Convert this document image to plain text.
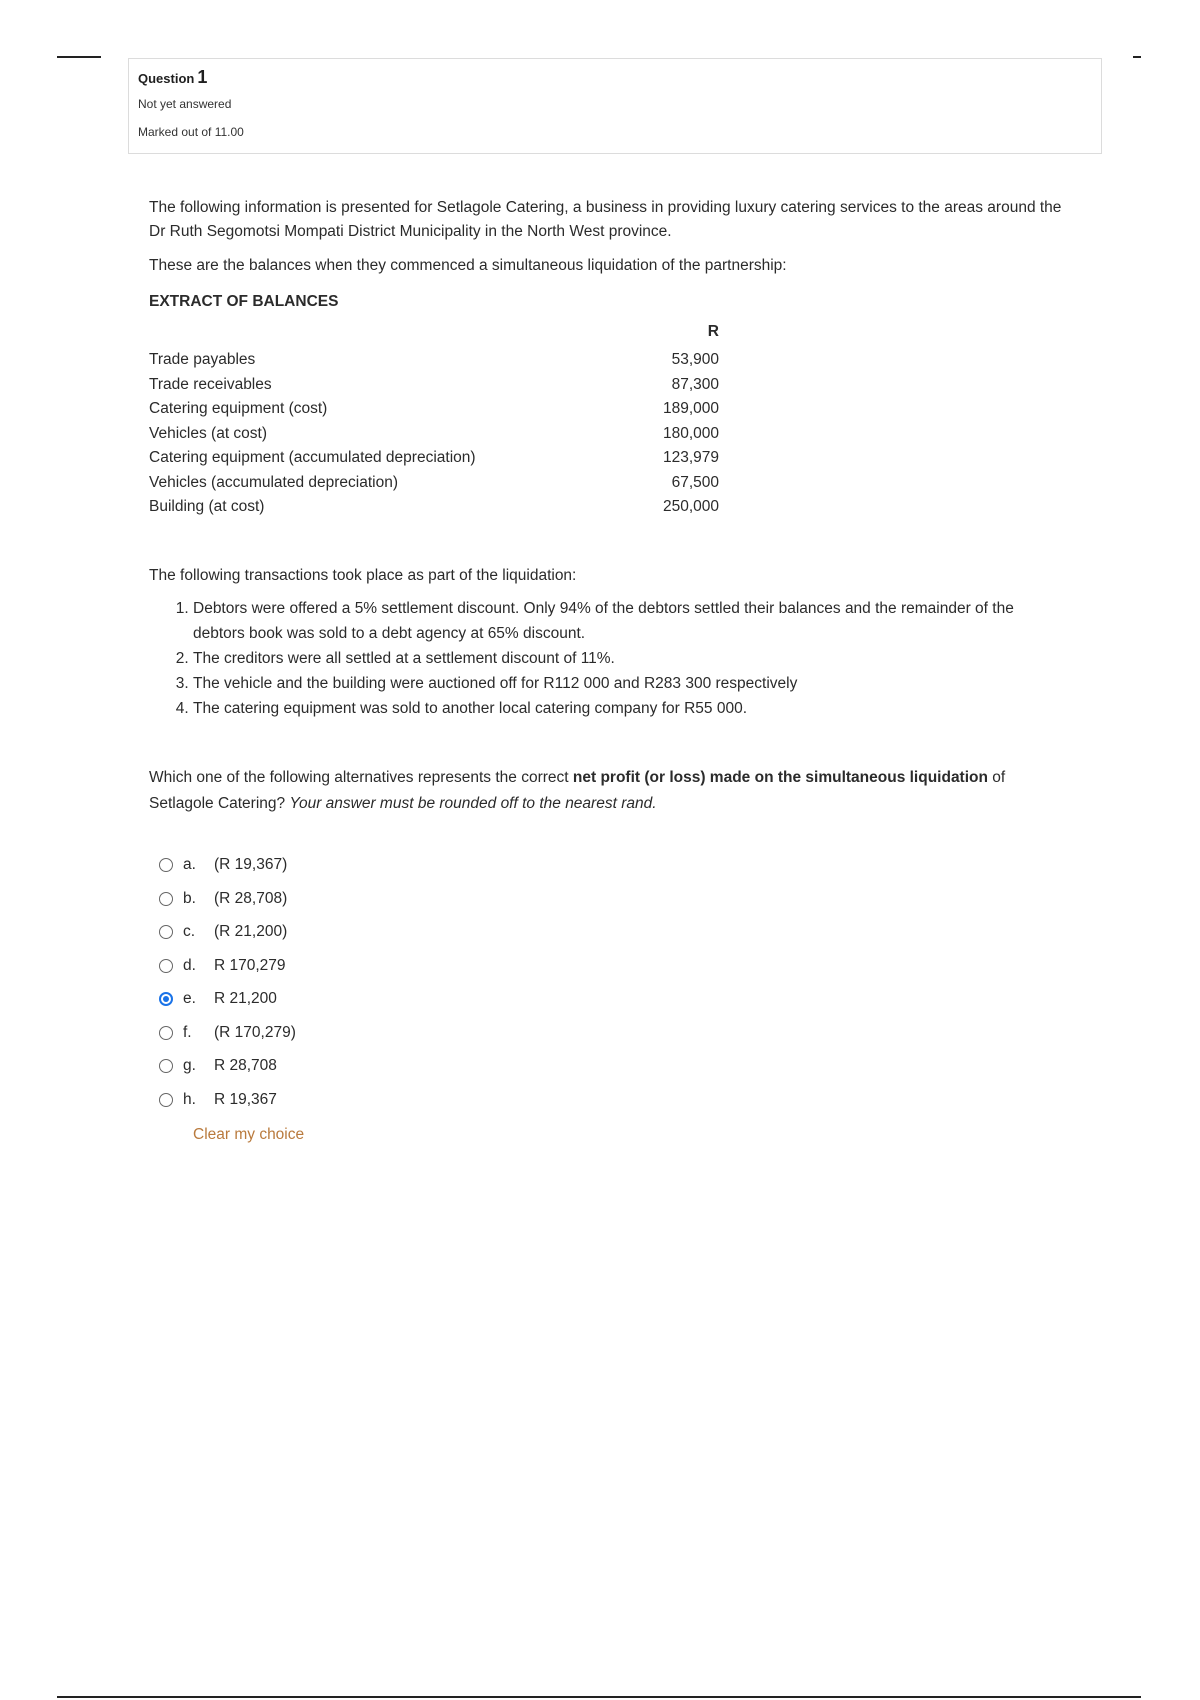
Question 1
Not yet answered
Marked out of 11.00

The following information is presented for Setlagole Catering, a business in providing luxury catering services to the areas around the Dr Ruth Segomotsi Mompati District Municipality in the North West province.

These are the balances when they commenced a simultaneous liquidation of the partnership:

EXTRACT OF BALANCES

	R
Trade payables	53,900
Trade receivables	87,300
Catering equipment (cost)	189,000
Vehicles (at cost)	180,000
Catering equipment (accumulated depreciation)	123,979
Vehicles (accumulated depreciation)	67,500
Building (at cost)	250,000

The following transactions took place as part of the liquidation:

1. Debtors were offered a 5% settlement discount. Only 94% of the debtors settled their balances and the remainder of the debtors book was sold to a debt agency at 65% discount.
2. The creditors were all settled at a settlement discount of 11%.
3. The vehicle and the building were auctioned off for R112 000 and R283 300 respectively
4. The catering equipment was sold to another local catering company for R55 000.

Which one of the following alternatives represents the correct net profit (or loss) made on the simultaneous liquidation of Setlagole Catering? Your answer must be rounded off to the nearest rand.

a.	(R 19,367)
b.	(R 28,708)
c.	(R 21,200)
d.	R 170,279
e.	R 21,200
f.	(R 170,279)
g.	R 28,708
h.	R 19,367
Clear my choice
